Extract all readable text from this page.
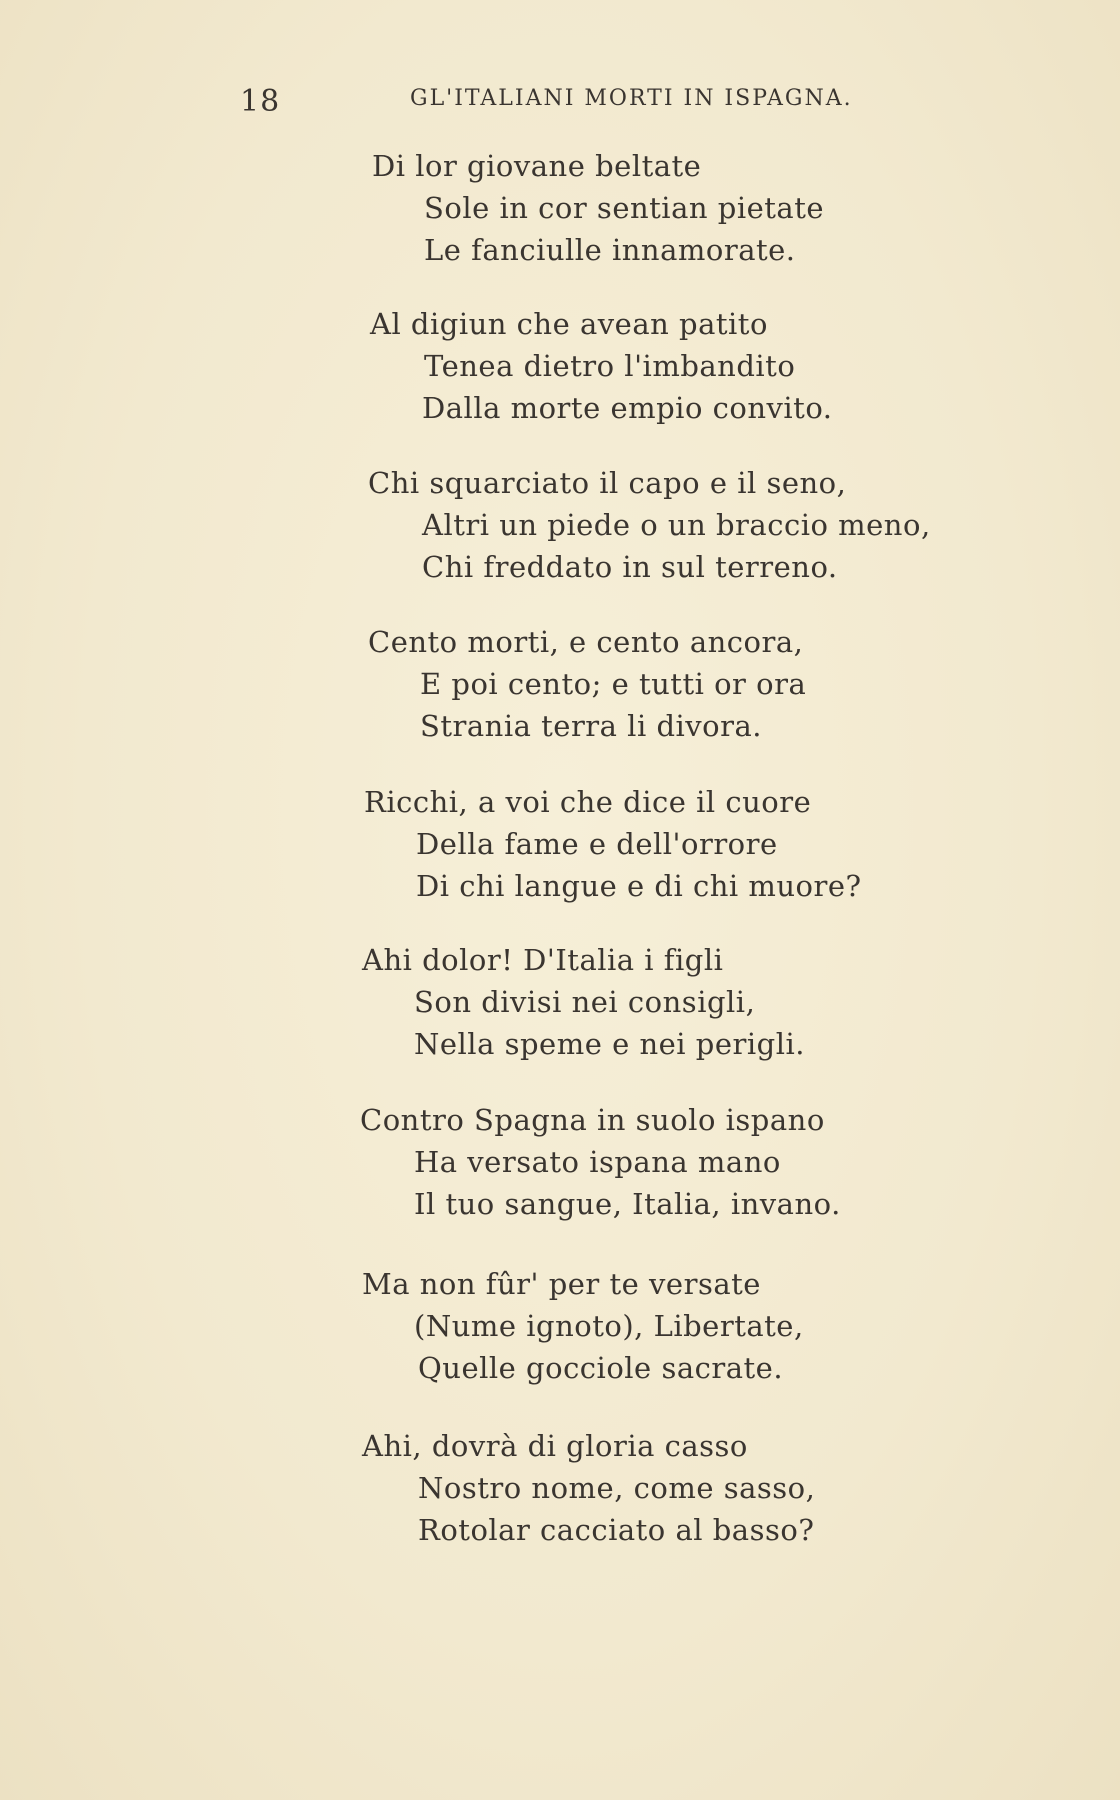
18	GL'ITALIANI MORTI IN ISPAGNA.
Di lor giovane beltate
Sole in cor sentian pietate
Le fanciulle innamorate.
Al digiun che avean patito
Tenea dietro l'imbandito
Dalla morte empio convito.
Chi squarciato il capo e il seno,
Altri un piede o un braccio meno,
Chi freddato in sul terreno.
Cento morti, e cento ancora,
E poi cento; e tutti or ora
Strania terra li divora.
Ricchi, a voi che dice il cuore
Della fame e dell'orrore
Di chi langue e di chi muore?
Ahi dolor! D'Italia i figli
Son divisi nei consigli,
Nella speme e nei perigli.
Contro Spagna in suolo ispano
Ha versato ispana mano
Il tuo sangue, Italia, invano.
Ma non fûr' per te versate
(Nume ignoto), Libertate,
Quelle gocciole sacrate.
Ahi, dovrà di gloria casso
Nostro nome, come sasso,
Rotolar cacciato al basso?
